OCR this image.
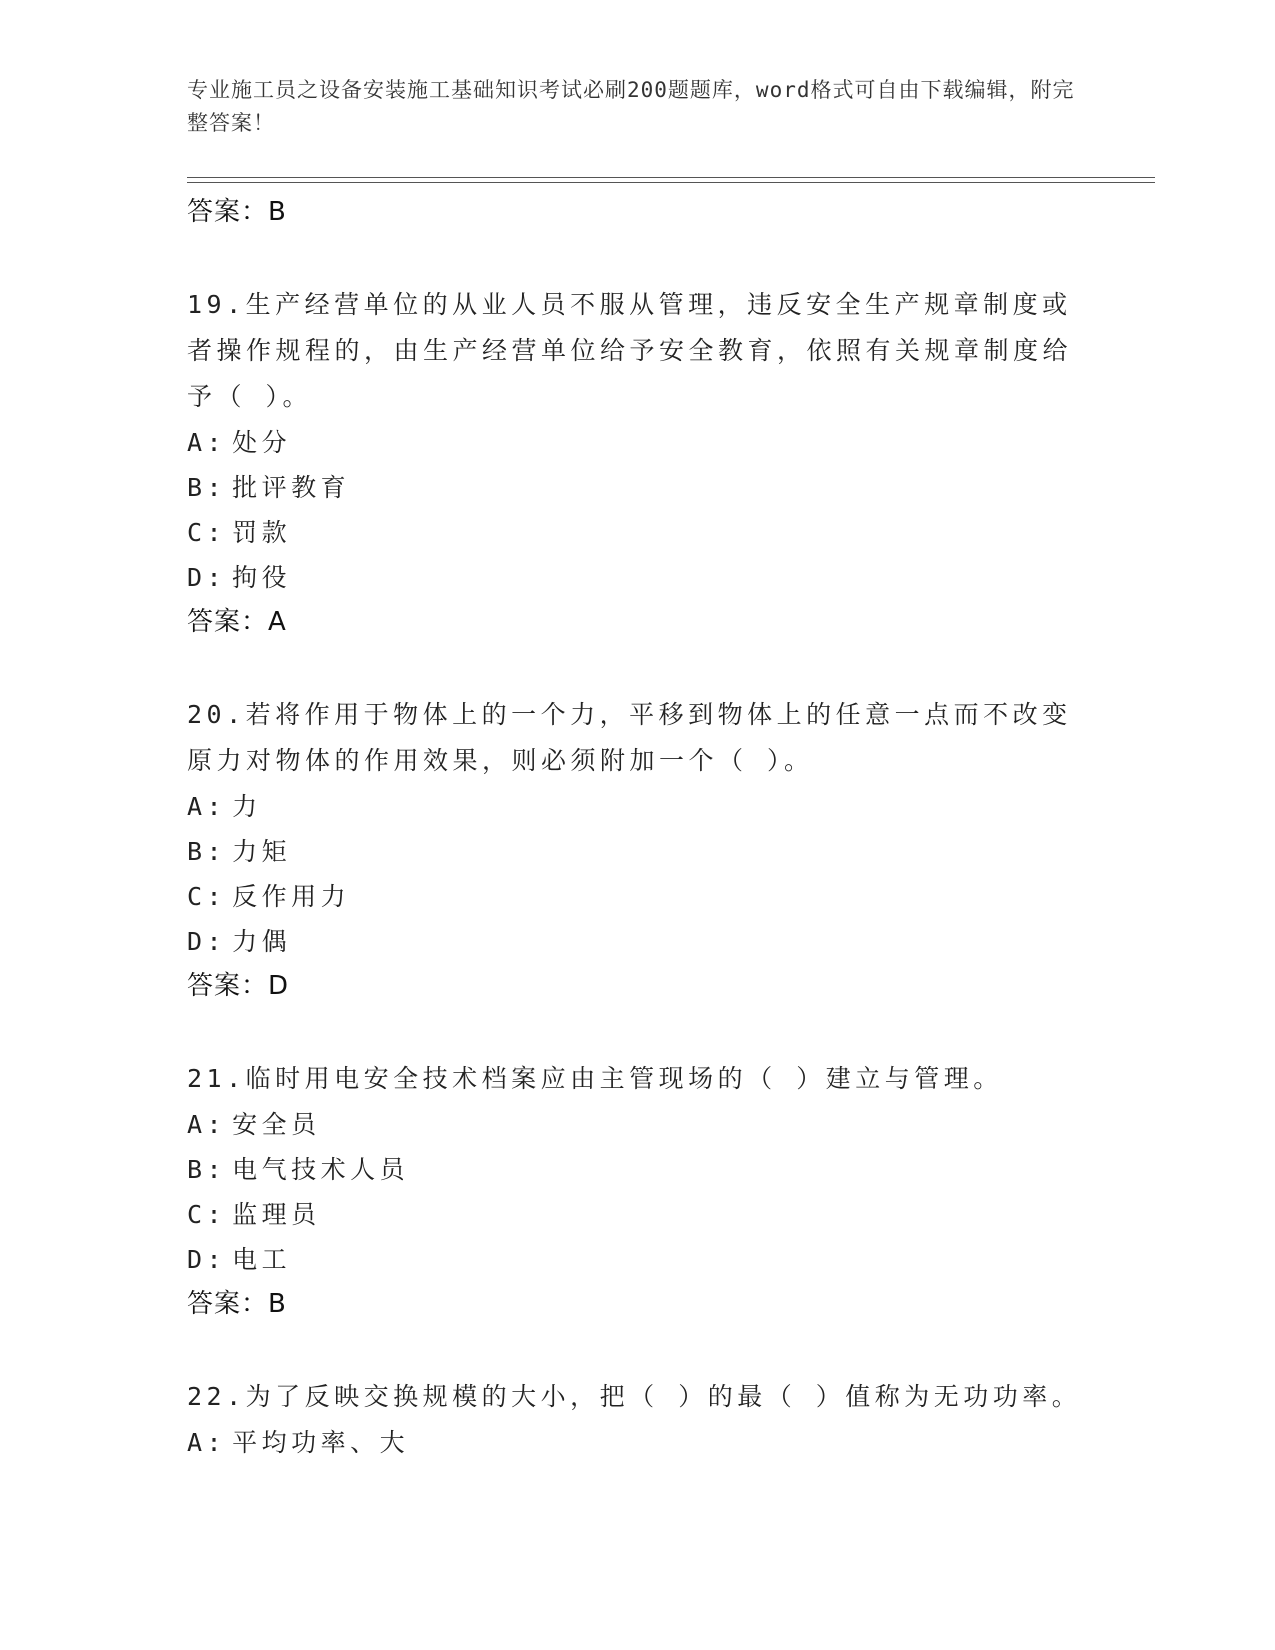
专业施工员之设备安装施工基础知识考试必刷200题题库，word格式可自由下载编辑，附完整答案！
答案：B
19.生产经营单位的从业人员不服从管理，违反安全生产规章制度或者操作规程的，由生产经营单位给予安全教育，依照有关规章制度给予（ ）。
A: 处分
B: 批评教育
C: 罚款
D: 拘役
答案：A
20.若将作用于物体上的一个力，平移到物体上的任意一点而不改变原力对物体的作用效果，则必须附加一个（ ）。
A: 力
B: 力矩
C: 反作用力
D: 力偶
答案：D
21.临时用电安全技术档案应由主管现场的（ ）建立与管理。
A: 安全员
B: 电气技术人员
C: 监理员
D: 电工
答案：B
22.为了反映交换规模的大小，把（ ）的最（ ）值称为无功功率。
A: 平均功率、大
